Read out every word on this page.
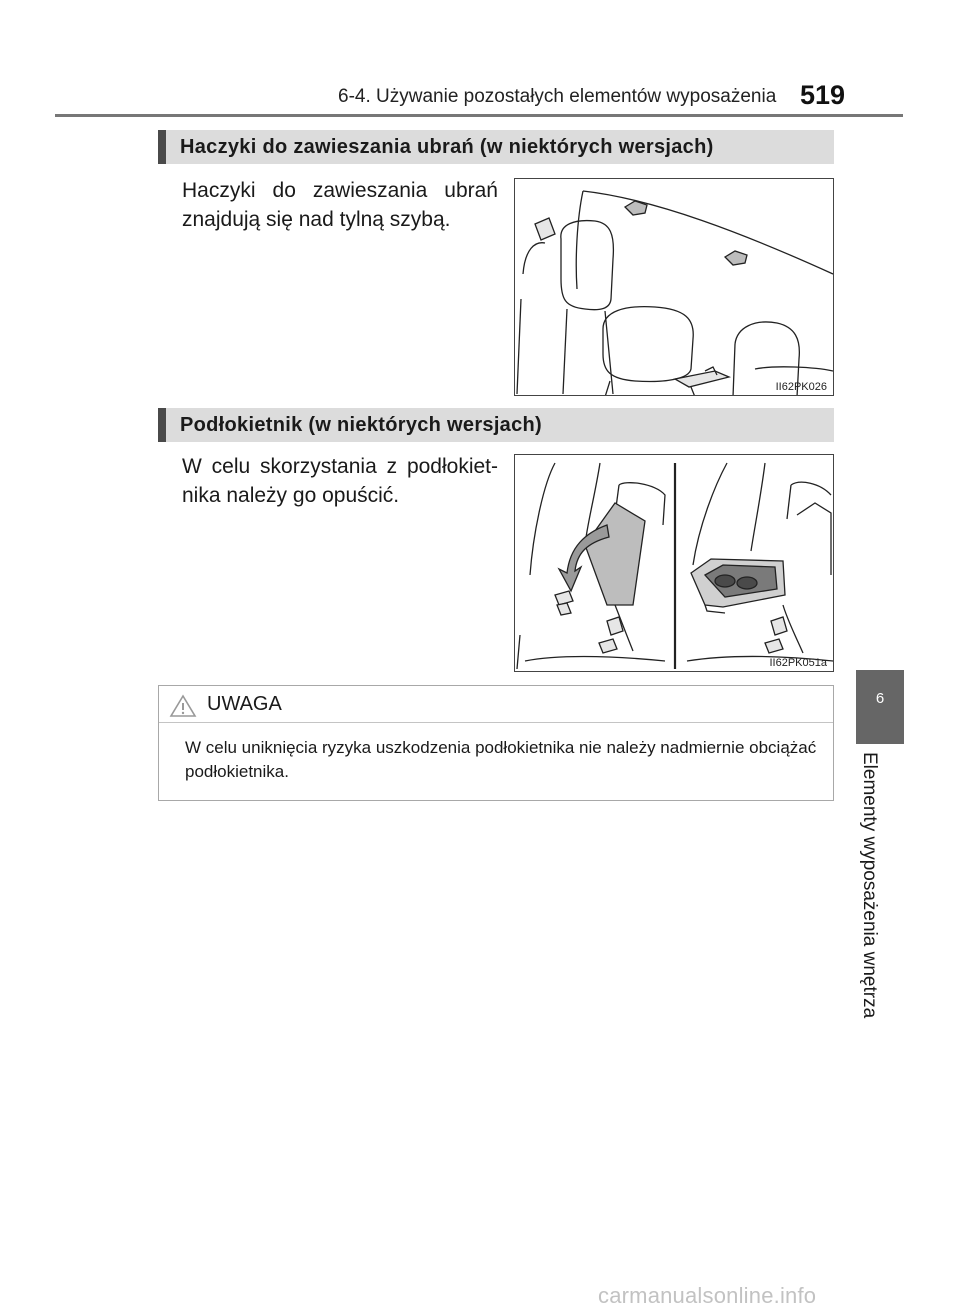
6-4. Używanie pozostałych elementów wyposażenia 519
Haczyki do zawieszania ubrań (w niektórych wersjach)
Haczyki do zawieszania ubrań znajdują się nad tylną szybą.
II62PK026
Podłokietnik (w niektórych wersjach)
W celu skorzystania z podłokiet-nika należy go opuścić.
II62PK051a
UWAGA
W celu uniknięcia ryzyka uszkodzenia podłokietnika nie należy nadmiernie obciążać podłokietnika.
6
Elementy wyposażenia wnętrza
carmanualsonline.info
